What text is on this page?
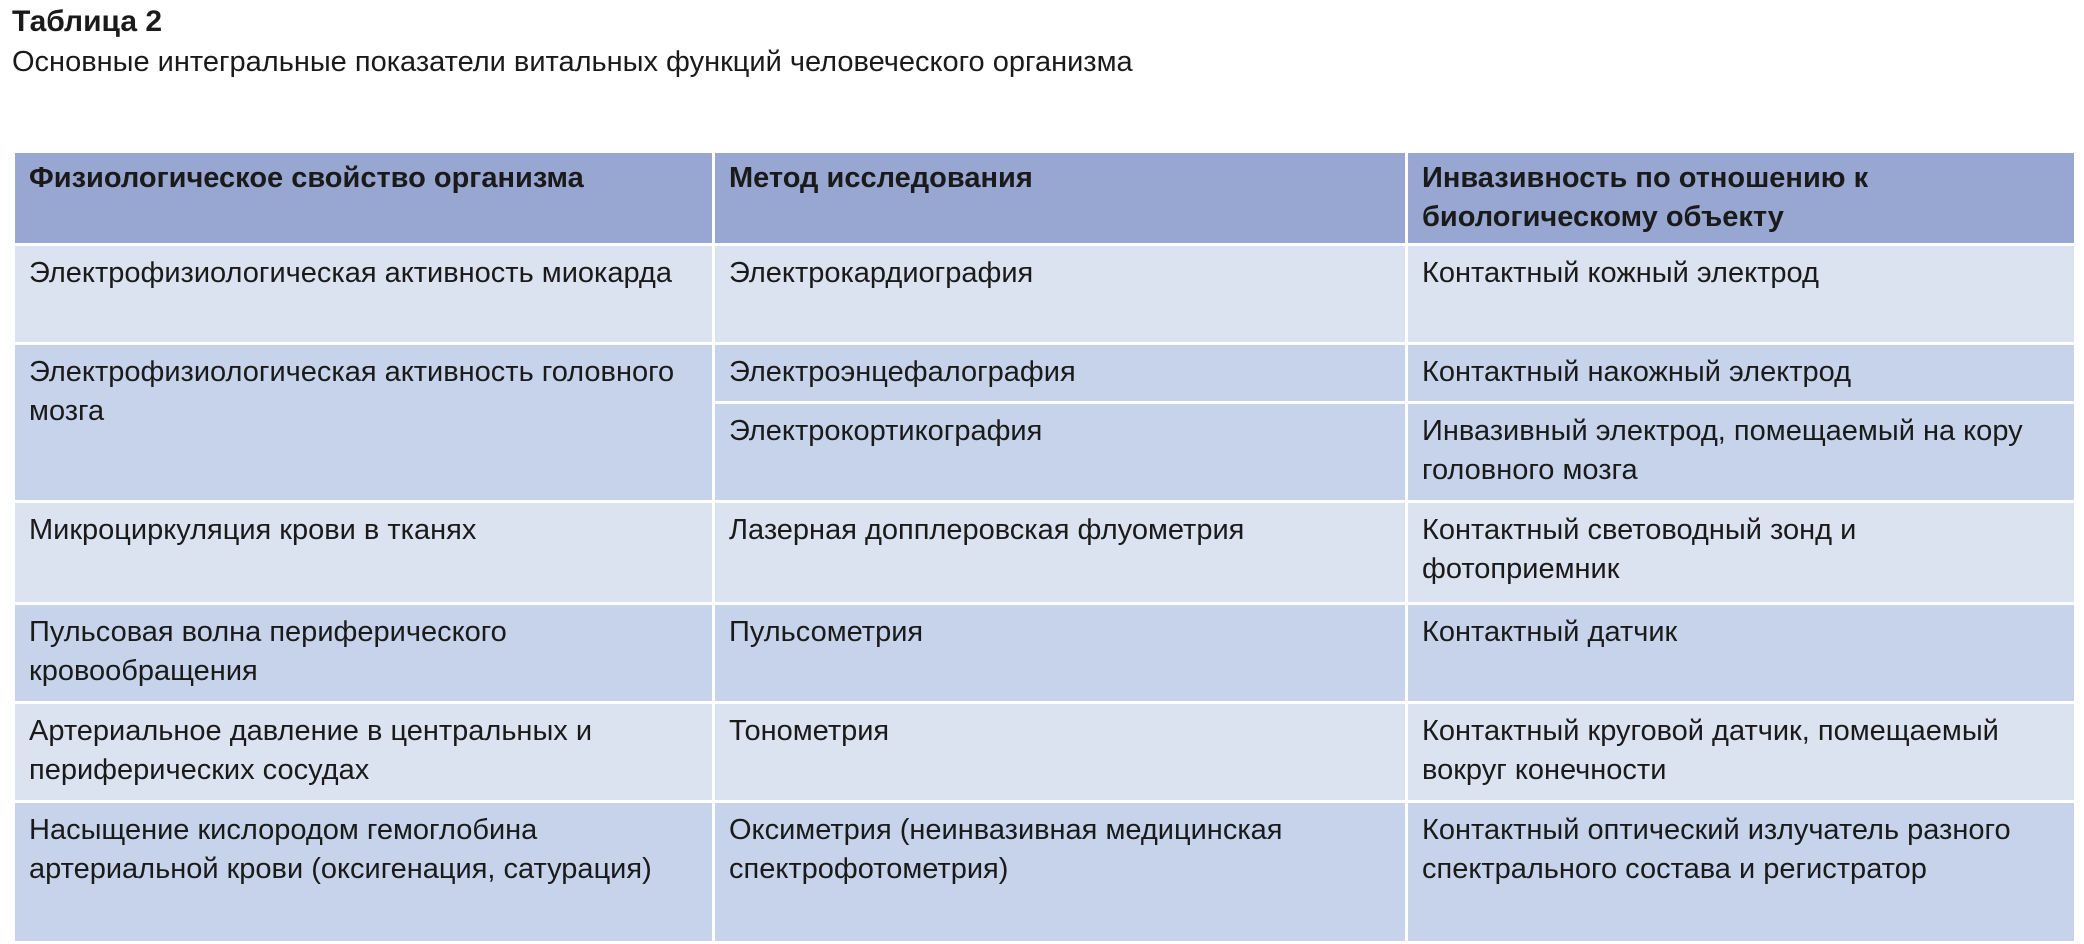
Таблица 2
Основные интегральные показатели витальных функций человеческого организма
Физиологическое свойство организма	Метод исследования	Инвазивность по отношению к биологическому объекту
Электрофизиологическая активность миокарда	Электрокардиография	Контактный кожный электрод
Электрофизиологическая активность головного мозга	Электроэнцефалография	Контактный накожный электрод
	Электрокортикография	Инвазивный электрод, помещаемый на кору головного мозга
Микроциркуляция крови в тканях	Лазерная допплеровская флуометрия	Контактный световодный зонд и фотоприемник
Пульсовая волна периферического кровообращения	Пульсометрия	Контактный датчик
Артериальное давление в центральных и периферических сосудах	Тонометрия	Контактный круговой датчик, помещаемый вокруг конечности
Насыщение кислородом гемоглобина артериальной крови (оксигенация, сатурация)	Оксиметрия (неинвазивная медицинская спектрофотометрия)	Контактный оптический излучатель разного спектрального состава и регистратор
